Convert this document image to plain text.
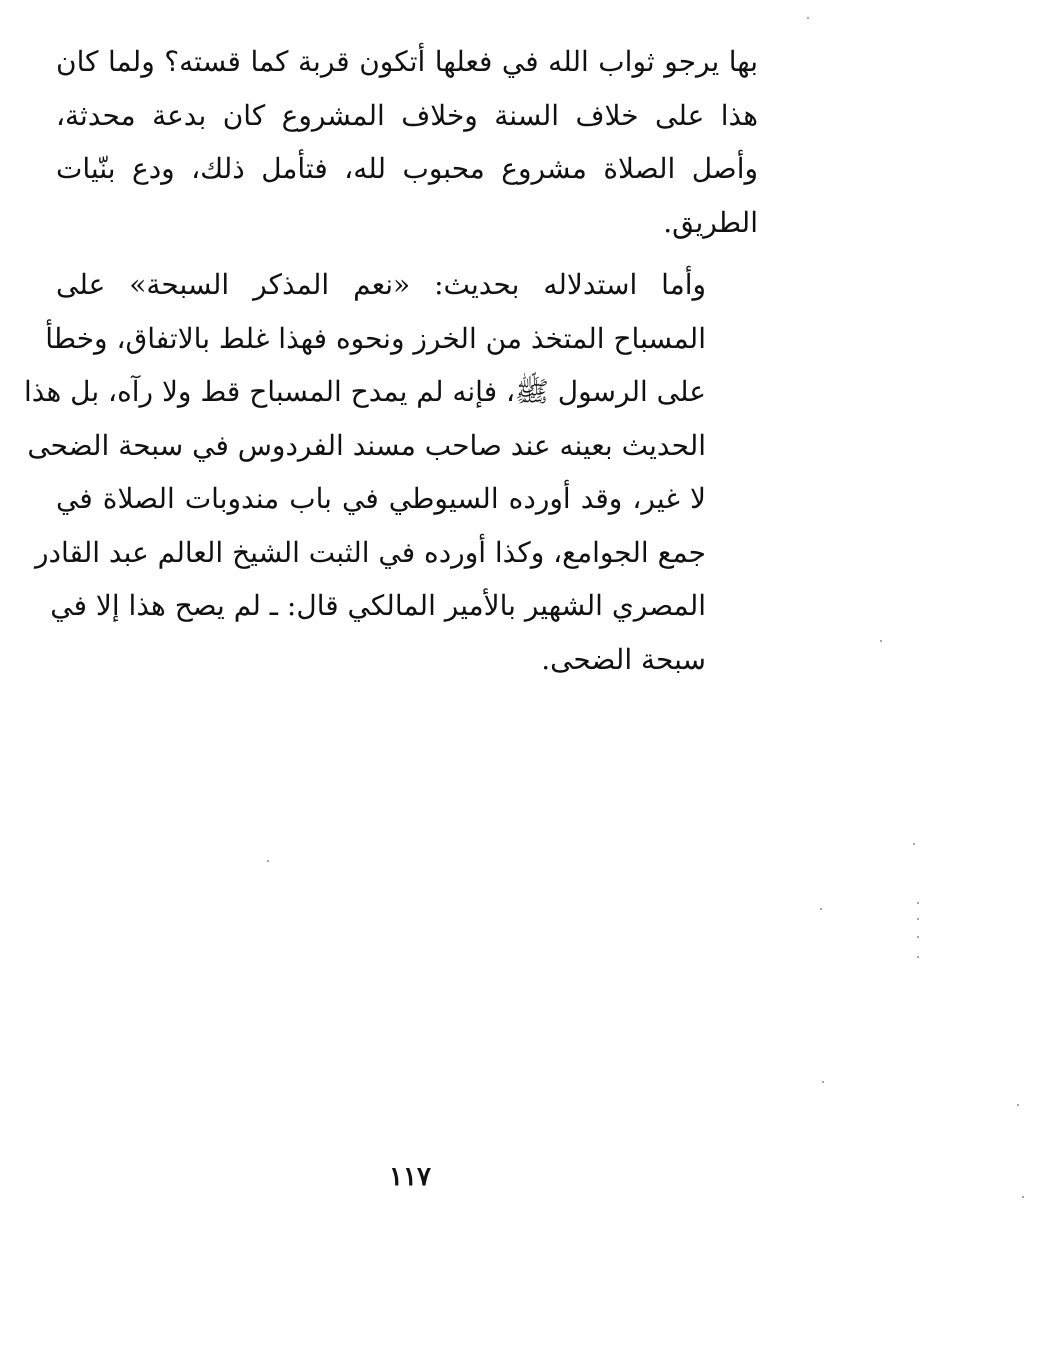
بها يرجو ثواب الله في فعلها أتكون قربة كما قسته؟ ولما كان
هذا على خلاف السنة وخلاف المشروع كان بدعة محدثة،
وأصل الصلاة مشروع محبوب لله، فتأمل ذلك، ودع بنّيات
الطريق.
وأما استدلاله بحديث: «نعم المذكر السبحة» على
المسباح المتخذ من الخرز ونحوه فهذا غلط بالاتفاق، وخطأ
على الرسول ﷺ، فإنه لم يمدح المسباح قط ولا رآه، بل هذا
الحديث بعينه عند صاحب مسند الفردوس في سبحة الضحى
لا غير، وقد أورده السيوطي في باب مندوبات الصلاة في
جمع الجوامع، وكذا أورده في الثبت الشيخ العالم عبد القادر
المصري الشهير بالأمير المالكي قال: ـ لم يصح هذا إلا في
سبحة الضحى.
١١٧
